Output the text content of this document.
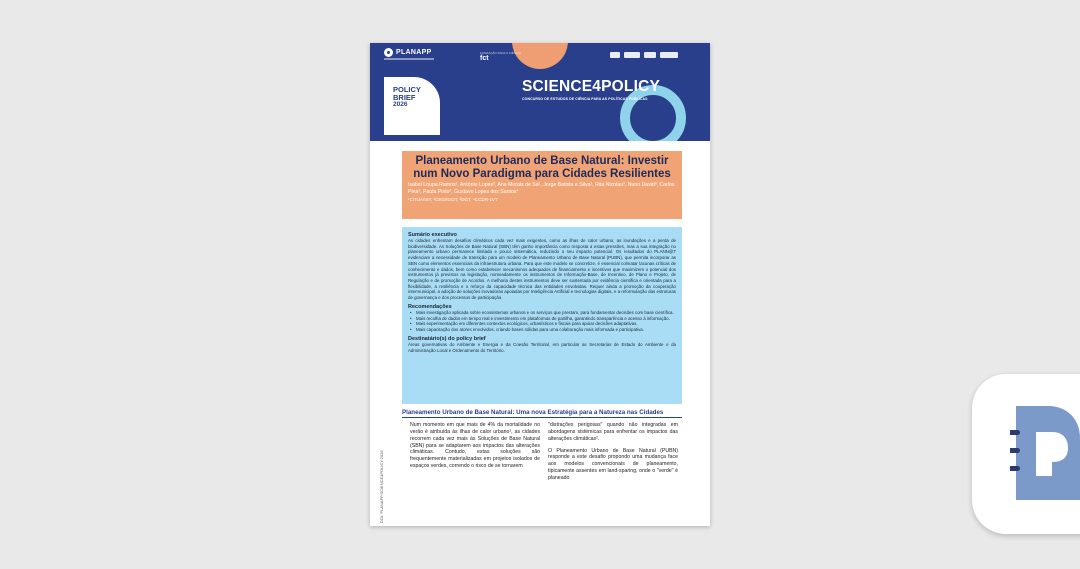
PLANAPP	FUNDAÇÃO PARA A CIÊNCIA
fct
POLICY
BRIEF
2026
SCIENCE4POLICY
CONCURSO DE ESTUDOS DE CIÊNCIA PARA AS POLÍTICAS PÚBLICAS
Planeamento Urbano de Base Natural: Investir num Novo Paradigma para Cidades Resilientes
Isabel Loupa Ramos¹, António Lopes², Ana Morais de Sá¹, Jorge Batista e Silva¹, Rita Nicolau³, Nuno David³, Carlos Pina³, Paula Pinto³, Gustavo Lopes dos Santos⁴
¹CiTUA/IST, ²CEG/IGOT, ³DGT, ⁴CCDR-LVT
Sumário executivo

As cidades enfrentam desafios climáticos cada vez mais exigentes, como as ilhas de calor urbano, as inundações e a perda de biodiversidade. As Soluções de Base Natural (SBN) têm ganho importância como resposta a estas pressões, mas a sua integração no planeamento urbano permanece limitada e pouco sistemática, reduzindo o seu impacto potencial. Os resultados do PLANN@T evidenciam a necessidade de transição para um modelo de Planeamento Urbano de Base Natural (PUBN), que permita incorporar as SBN como elementos essenciais da infraestrutura urbana. Para que este modelo se concretize, é essencial colmatar lacunas críticas de conhecimento e dados, bem como estabelecer mecanismos adequados de financiamento e incentivos que maximizem o potencial dos instrumentos já previstos na legislação, nomeadamente os instrumentos de Informação-Base, de Incentivo, de Plano e Projeto, de Regulação e de promoção de Acordos. A melhoria destes instrumentos deve ser sustentada por evidência científica e orientada para a flexibilidade, a resiliência e o reforço da capacidade técnica das entidades envolvidas. Requer ainda a promoção da cooperação intermunicipal, a adoção de soluções inovadoras apoiadas por Inteligência Artificial e tecnologias digitais, e a reformulação das estruturas de governança e dos processos de participação.

Recomendações
• Mais investigação aplicada sobre ecossistemas urbanos e os serviços que prestam, para fundamentar decisões com base científica.
• Mais recolha de dados em tempo real e investimento em plataformas de partilha, garantindo transparência e acesso à informação.
• Mais experimentação em diferentes contextos ecológicos, urbanísticos e fiscais para apoiar decisões adaptativas.
• Mais capacitação dos atores envolvidos, criando bases sólidas para uma colaboração mais informada e participativa.
Destinatário(s) do policy brief

Áreas governativas do Ambiente e Energia e da Coesão Territorial, em particular as Secretarias de Estado do Ambiente e da Administração Local e Ordenamento do Território.

DOI: PLANAPP.SCIENCE4POLICY.2026
Planeamento Urbano de Base Natural: Uma nova Estratégia para a Natureza nas Cidades

Num momento em que mais de 4% da mortalidade no verão é atribuída às ilhas de calor urbano¹, as cidades recorrem cada vez mais às Soluções de Base Natural (SBN) para se adaptarem aos impactos das alterações climáticas. Contudo, estas soluções são frequentemente materializadas em projetos isolados de espaços verdes, correndo o risco de se tornarem

"distrações perigosas" quando não integradas em abordagens sistémicas para enfrentar os impactos das alterações climáticas².

O Planeamento Urbano de Base Natural (PUBN) responde a este desafio propondo uma mudança face aos modelos convencionais de planeamento, tipicamente assentes em land-sparing, onde o "verde" é planeado
